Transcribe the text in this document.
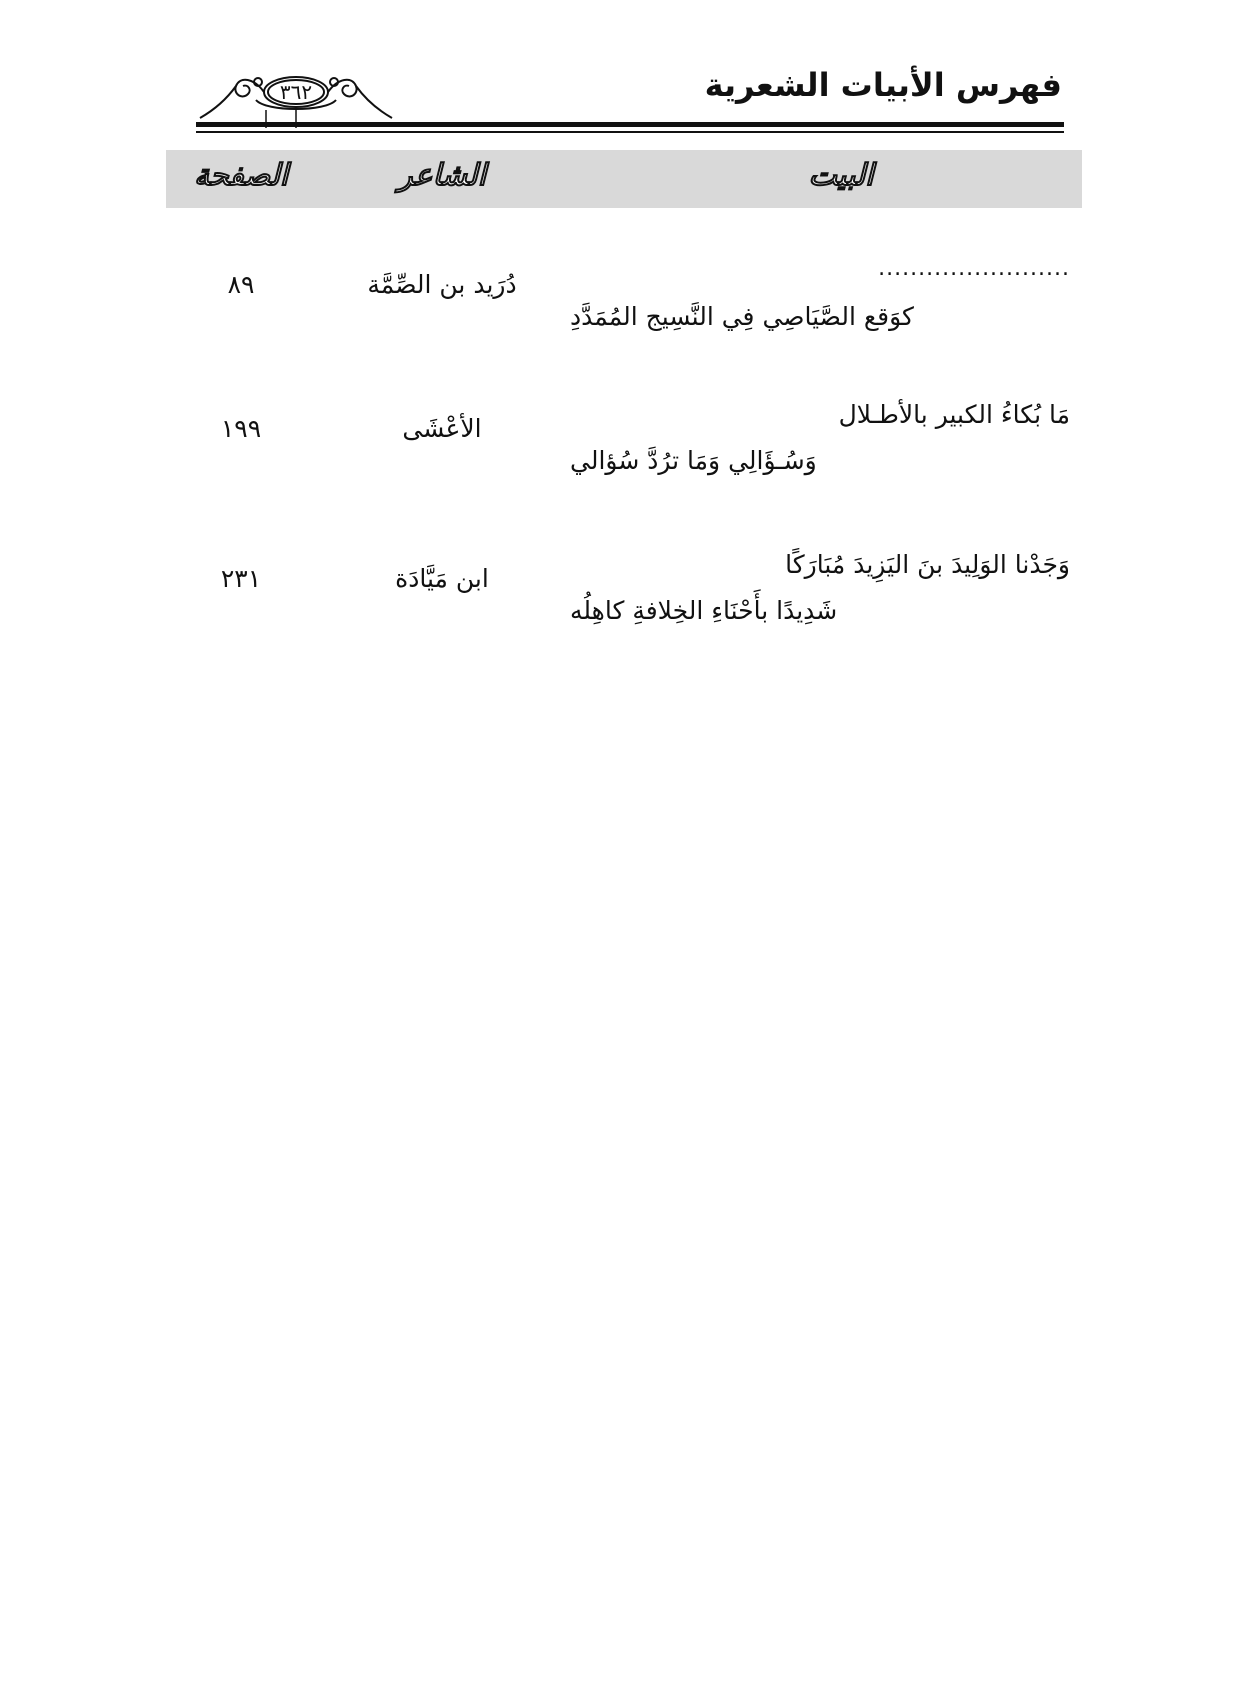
فهرس الأبيات الشعرية
٣٦٢
البيت
الشاعر
الصفحة
........................
كوَقع الصَّيَاصِي فِي النَّسِيج المُمَدَّدِ
دُرَيد بن الصِّمَّة
٨٩
مَا بُكاءُ الكبير بالأطـلال
وَسُـؤَالِي وَمَا ترُدَّ سُؤالي
الأعْشَى
١٩٩
وَجَدْنا الوَلِيدَ بنَ اليَزِيدَ مُبَارَكًا
شَدِيدًا بأَحْنَاءِ الخِلافةِ كاهِلُه
ابن مَيَّادَة
٢٣١
